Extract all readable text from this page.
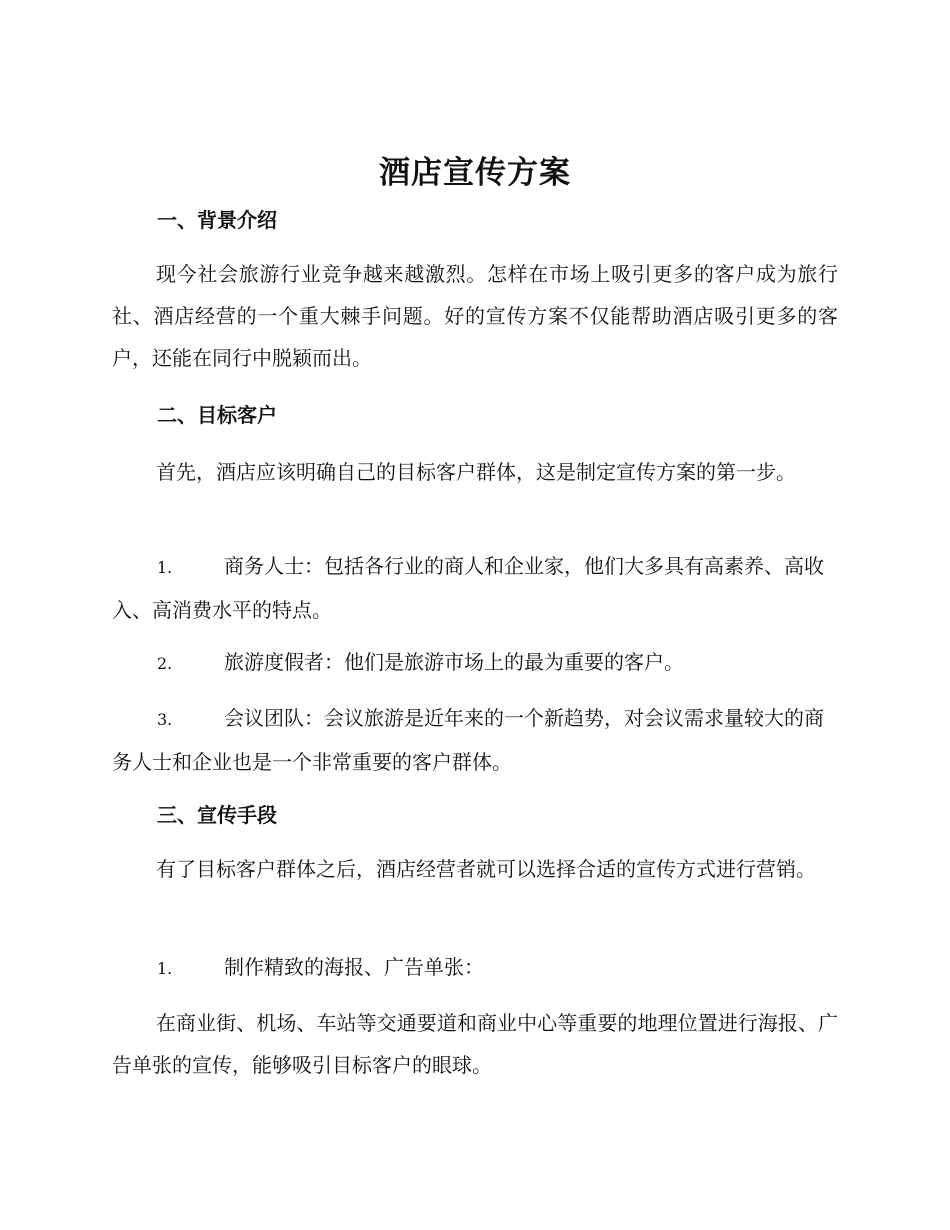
酒店宣传方案
一、背景介绍

现今社会旅游行业竞争越来越激烈。怎样在市场上吸引更多的客户成为旅行社、酒店经营的一个重大棘手问题。好的宣传方案不仅能帮助酒店吸引更多的客户，还能在同行中脱颖而出。

二、目标客户

首先，酒店应该明确自己的目标客户群体，这是制定宣传方案的第一步。

1.	商务人士：包括各行业的商人和企业家，他们大多具有高素养、高收入、高消费水平的特点。

2.	旅游度假者：他们是旅游市场上的最为重要的客户。

3.	会议团队：会议旅游是近年来的一个新趋势，对会议需求量较大的商务人士和企业也是一个非常重要的客户群体。

三、宣传手段

有了目标客户群体之后，酒店经营者就可以选择合适的宣传方式进行营销。

1.	制作精致的海报、广告单张：

在商业街、机场、车站等交通要道和商业中心等重要的地理位置进行海报、广告单张的宣传，能够吸引目标客户的眼球。
